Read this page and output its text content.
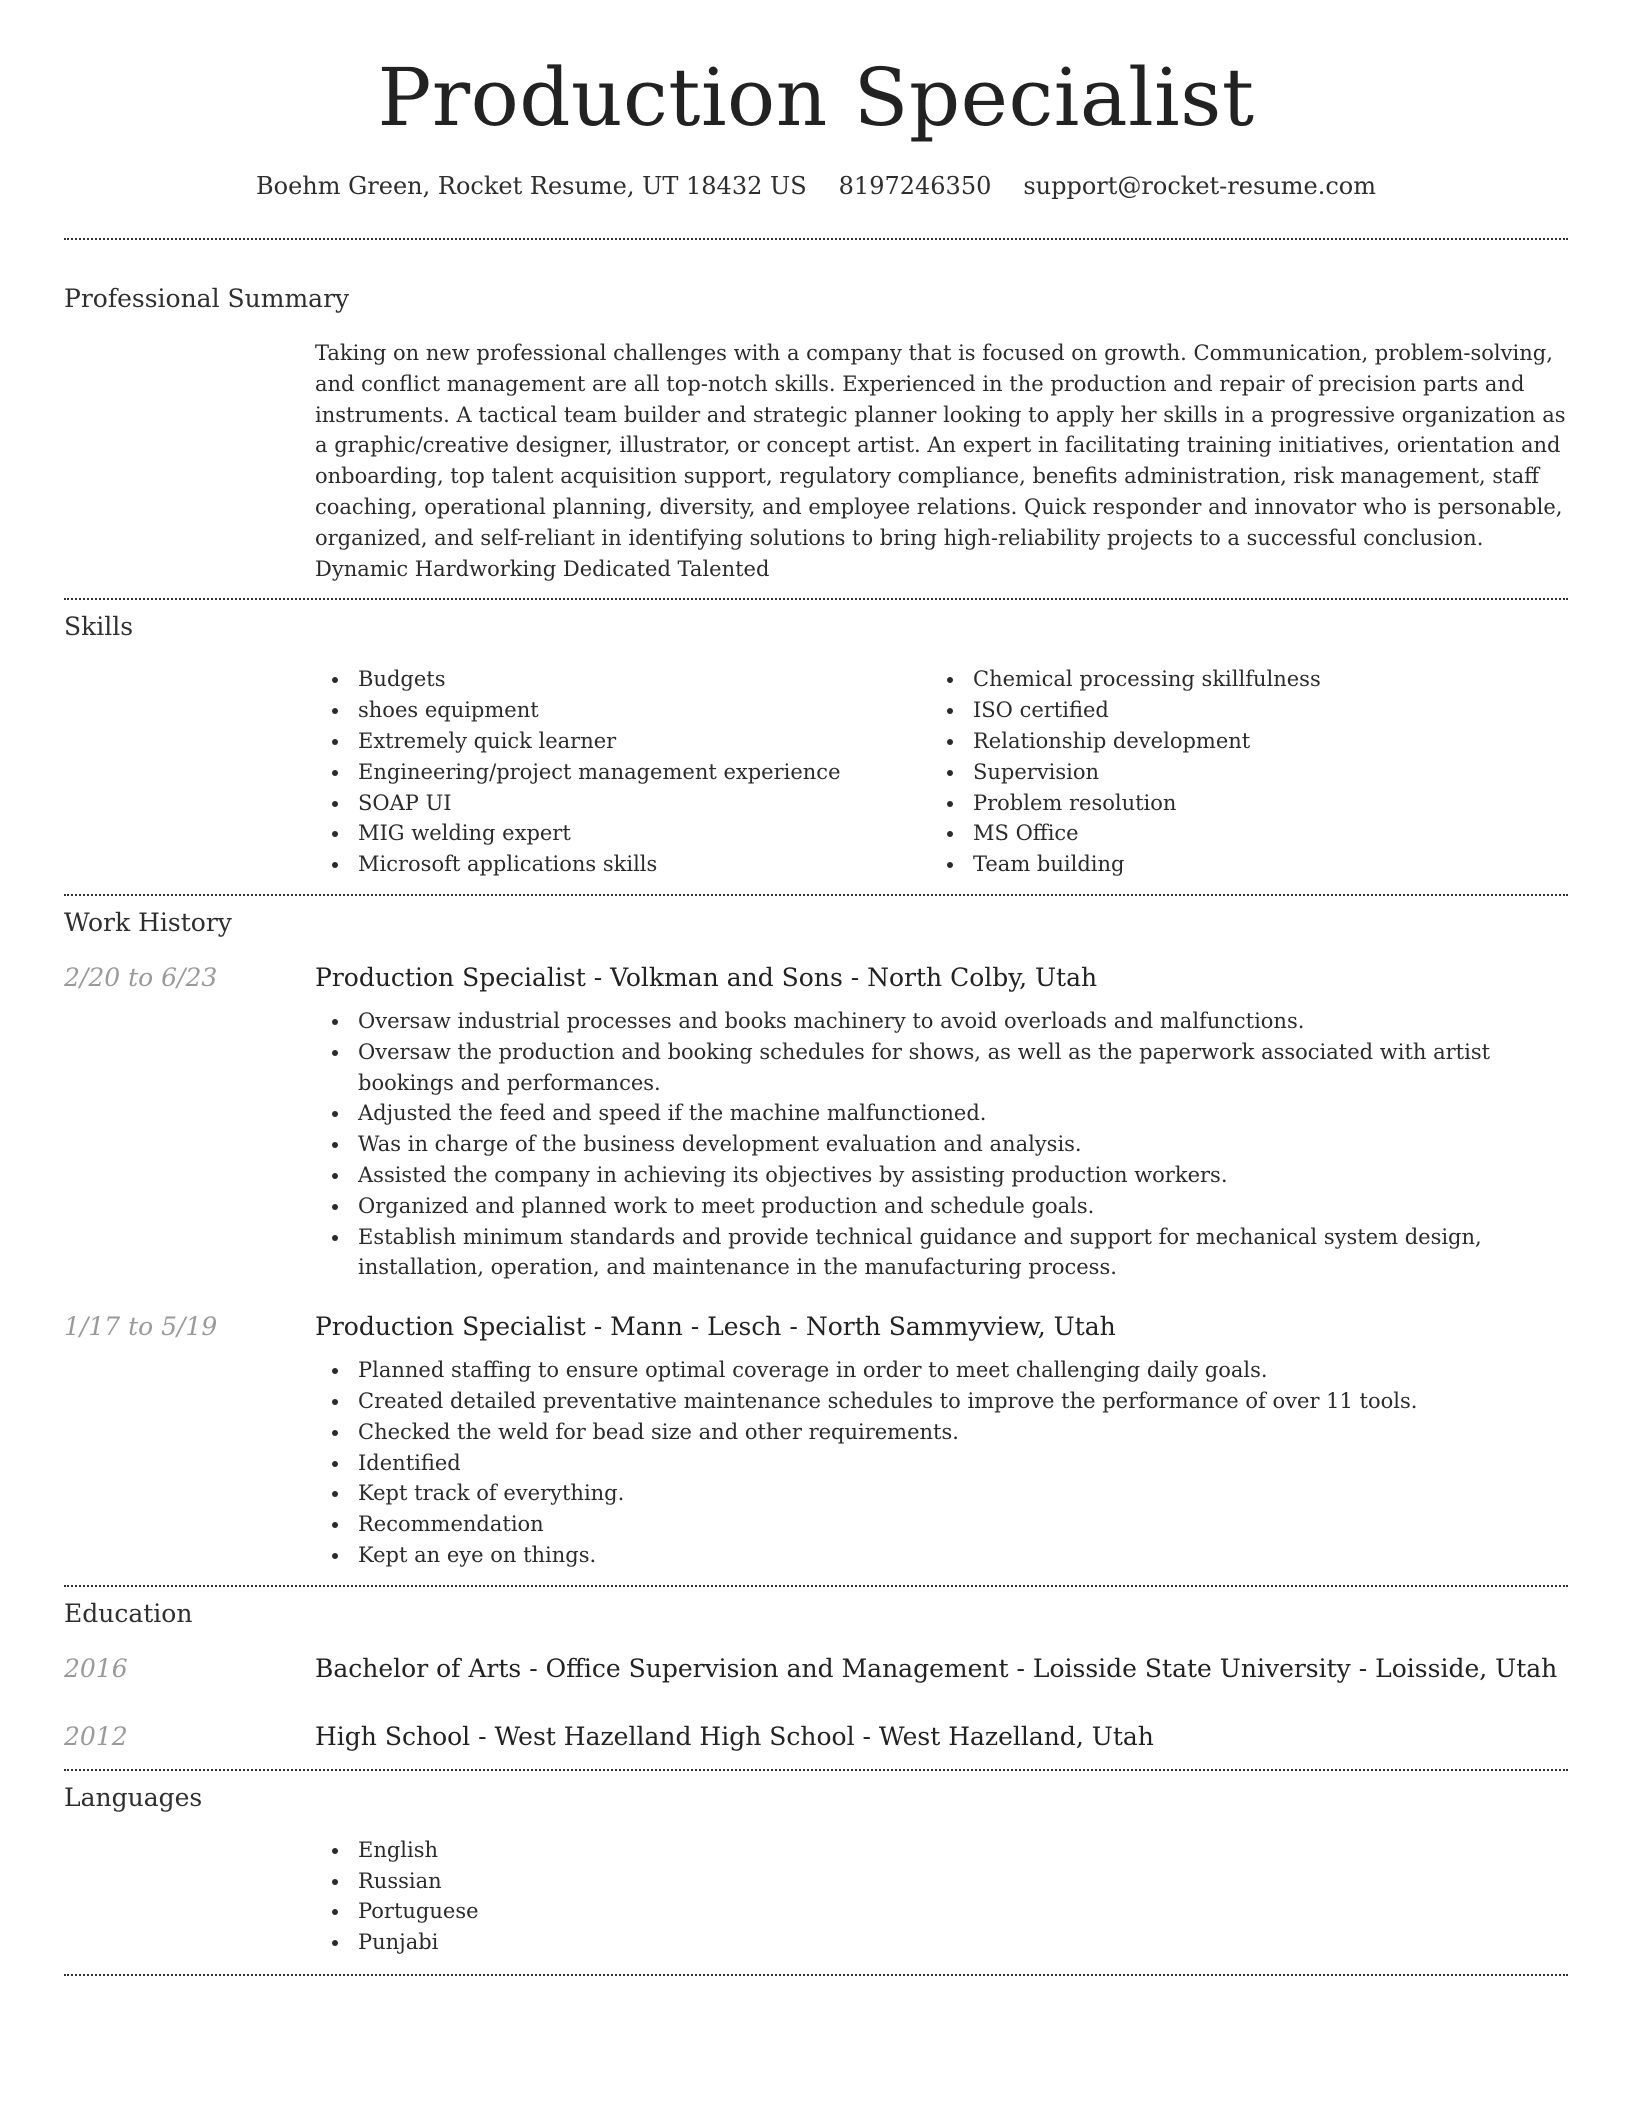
Production Specialist
Boehm Green, Rocket Resume, UT 18432 US 8197246350 support@rocket-resume.com
Professional Summary

Taking on new professional challenges with a company that is focused on growth. Communication, problem-solving, and conflict management are all top-notch skills. Experienced in the production and repair of precision parts and instruments. A tactical team builder and strategic planner looking to apply her skills in a progressive organization as a graphic/creative designer, illustrator, or concept artist. An expert in facilitating training initiatives, orientation and onboarding, top talent acquisition support, regulatory compliance, benefits administration, risk management, staff coaching, operational planning, diversity, and employee relations. Quick responder and innovator who is personable, organized, and self-reliant in identifying solutions to bring high-reliability projects to a successful conclusion. Dynamic Hardworking Dedicated Talented

Skills
Budgets
shoes equipment
Extremely quick learner
Engineering/project management experience
SOAP UI
MIG welding expert
Microsoft applications skills
Chemical processing skillfulness
ISO certified
Relationship development
Supervision
Problem resolution
MS Office
Team building
Work History
2/20 to 6/23	Production Specialist - Volkman and Sons - North Colby, Utah
Oversaw industrial processes and books machinery to avoid overloads and malfunctions.
Oversaw the production and booking schedules for shows, as well as the paperwork associated with artist bookings and performances.
Adjusted the feed and speed if the machine malfunctioned.
Was in charge of the business development evaluation and analysis.
Assisted the company in achieving its objectives by assisting production workers.
Organized and planned work to meet production and schedule goals.
Establish minimum standards and provide technical guidance and support for mechanical system design, installation, operation, and maintenance in the manufacturing process.
1/17 to 5/19	Production Specialist - Mann - Lesch - North Sammyview, Utah
Planned staffing to ensure optimal coverage in order to meet challenging daily goals.
Created detailed preventative maintenance schedules to improve the performance of over 11 tools.
Checked the weld for bead size and other requirements.
Identified
Kept track of everything.
Recommendation
Kept an eye on things.
Education
2016	Bachelor of Arts - Office Supervision and Management - Loisside State University - Loisside, Utah
2012	High School - West Hazelland High School - West Hazelland, Utah
Languages
English
Russian
Portuguese
Punjabi
